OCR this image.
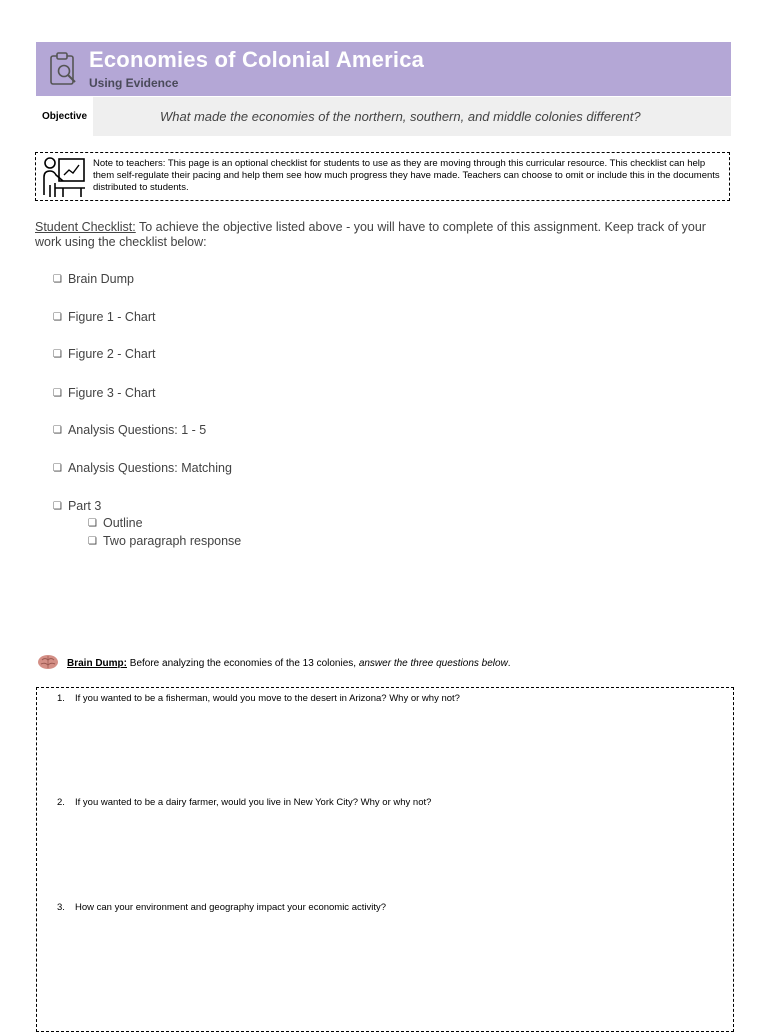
Economies of Colonial America
Using Evidence
Objective	What made the economies of the northern, southern, and middle colonies different?
Note to teachers: This page is an optional checklist for students to use as they are moving through this curricular resource. This checklist can help them self-regulate their pacing and help them see how much progress they have made. Teachers can choose to omit or include this in the documents distributed to students.
Student Checklist: To achieve the objective listed above - you will have to complete of this assignment. Keep track of your work using the checklist below:
❏ Brain Dump
❏ Figure 1 - Chart
❏ Figure 2 - Chart
❏ Figure 3 - Chart
❏ Analysis Questions: 1 - 5
❏ Analysis Questions: Matching
❏ Part 3
❏ Outline
❏ Two paragraph response
Brain Dump: Before analyzing the economies of the 13 colonies, answer the three questions below.
1. If you wanted to be a fisherman, would you move to the desert in Arizona? Why or why not?
2. If you wanted to be a dairy farmer, would you live in New York City? Why or why not?
3. How can your environment and geography impact your economic activity?
